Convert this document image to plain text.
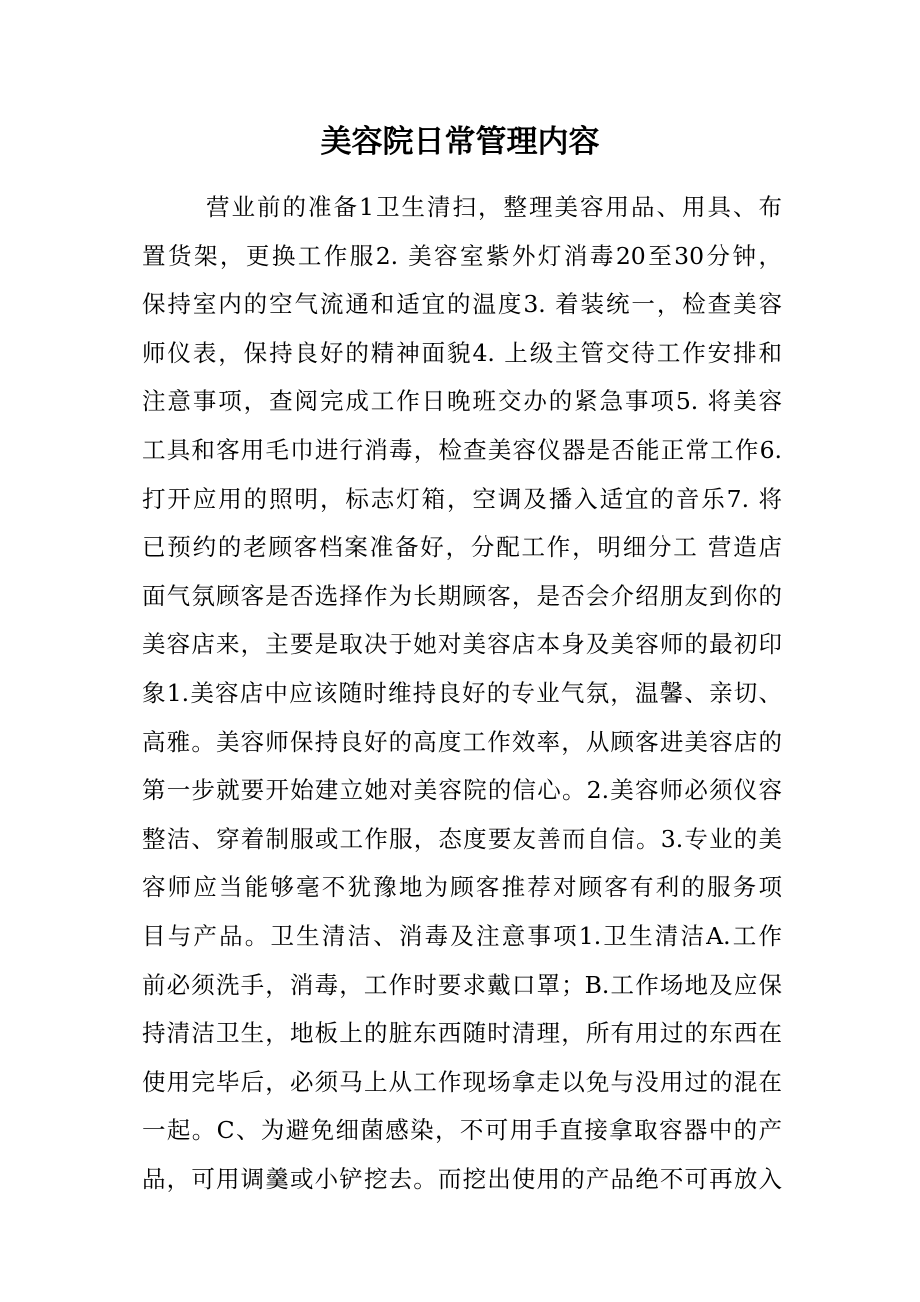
美容院日常管理内容
营业前的准备1卫生清扫，整理美容用品、用具、布
置货架，更换工作服2. 美容室紫外灯消毒20至30分钟，
保持室内的空气流通和适宜的温度3. 着装统一，检查美容
师仪表，保持良好的精神面貌4. 上级主管交待工作安排和
注意事项，查阅完成工作日晚班交办的紧急事项5. 将美容
工具和客用毛巾进行消毒，检查美容仪器是否能正常工作6.
打开应用的照明，标志灯箱，空调及播入适宜的音乐7. 将
已预约的老顾客档案准备好，分配工作，明细分工 营造店
面气氛顾客是否选择作为长期顾客，是否会介绍朋友到你的
美容店来，主要是取决于她对美容店本身及美容师的最初印
象1.美容店中应该随时维持良好的专业气氛，温馨、亲切、
高雅。美容师保持良好的高度工作效率，从顾客进美容店的
第一步就要开始建立她对美容院的信心。2.美容师必须仪容
整洁、穿着制服或工作服，态度要友善而自信。3.专业的美
容师应当能够毫不犹豫地为顾客推荐对顾客有利的服务项
目与产品。卫生清洁、消毒及注意事项1.卫生清洁A.工作
前必须洗手，消毒，工作时要求戴口罩；B.工作场地及应保
持清洁卫生，地板上的脏东西随时清理，所有用过的东西在
使用完毕后，必须马上从工作现场拿走以免与没用过的混在
一起。C、为避免细菌感染，不可用手直接拿取容器中的产
品，可用调羹或小铲挖去。而挖出使用的产品绝不可再放入
